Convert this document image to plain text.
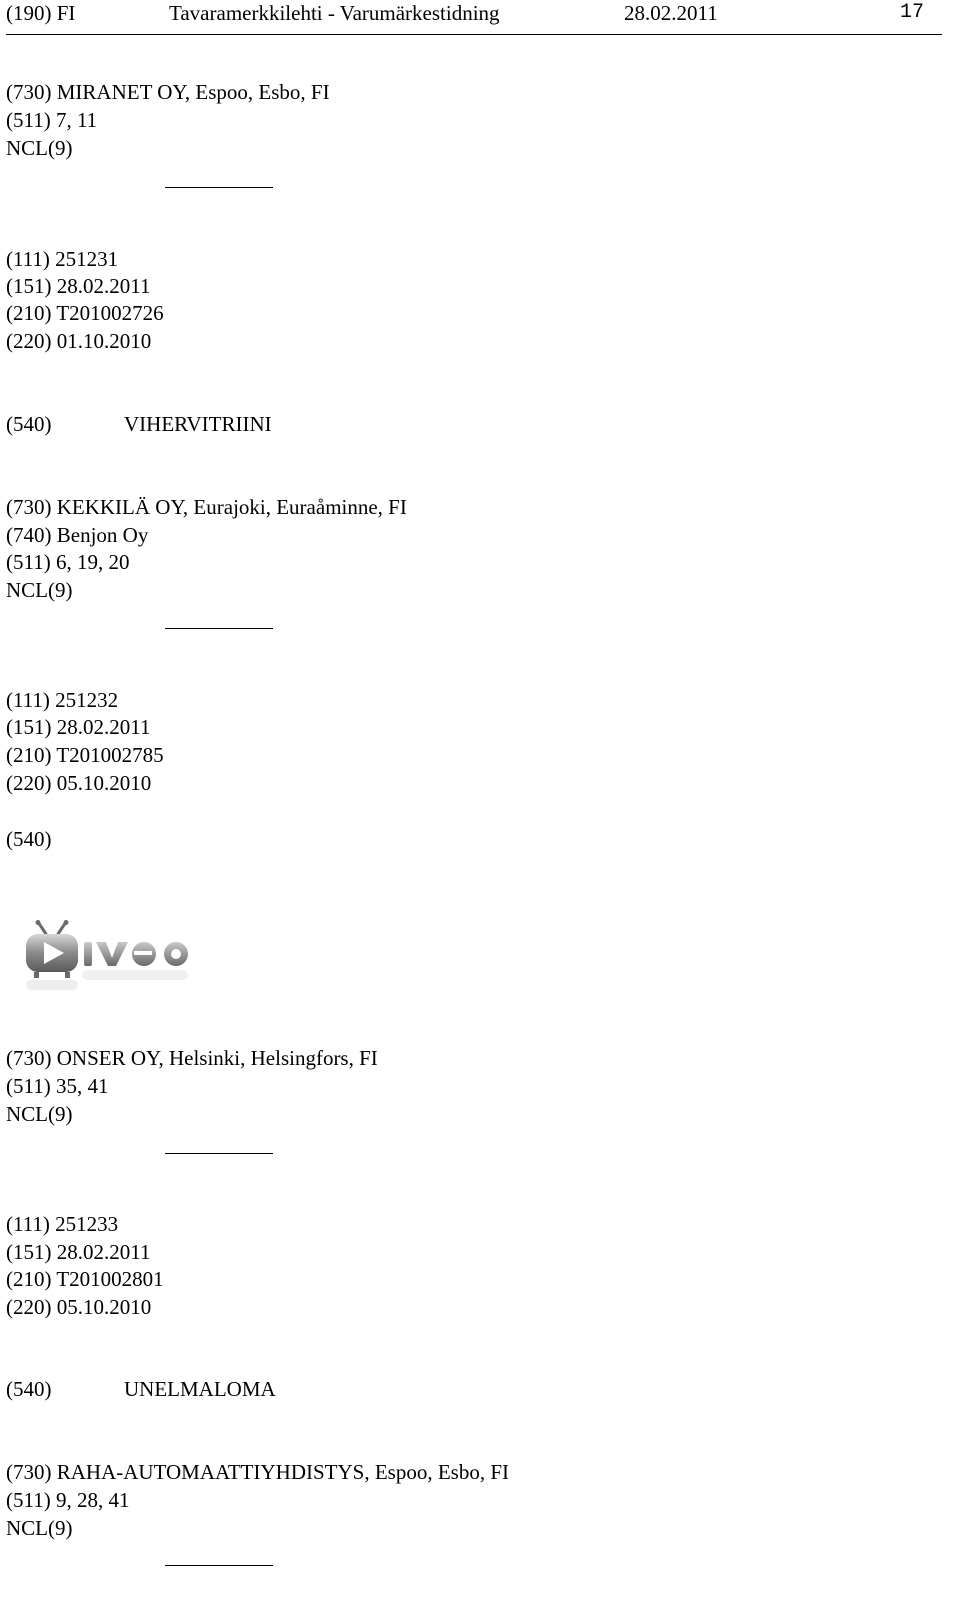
(190) FI	Tavaramerkkilehti - Varumärkestidning	28.02.2011	17
(730) MIRANET OY, Espoo, Esbo, FI
(511) 7, 11
NCL(9)
(111) 251231
(151) 28.02.2011
(210) T201002726
(220) 01.10.2010
(540)	VIHERVITRIINI
(730) KEKKILÄ OY, Eurajoki, Euraåminne, FI
(740) Benjon Oy
(511) 6, 19, 20
NCL(9)
(111) 251232
(151) 28.02.2011
(210) T201002785
(220) 05.10.2010
(540)
(730) ONSER OY, Helsinki, Helsingfors, FI
(511) 35, 41
NCL(9)
(111) 251233
(151) 28.02.2011
(210) T201002801
(220) 05.10.2010
(540)	UNELMALOMA
(730) RAHA-AUTOMAATTIYHDISTYS, Espoo, Esbo, FI
(511) 9, 28, 41
NCL(9)
